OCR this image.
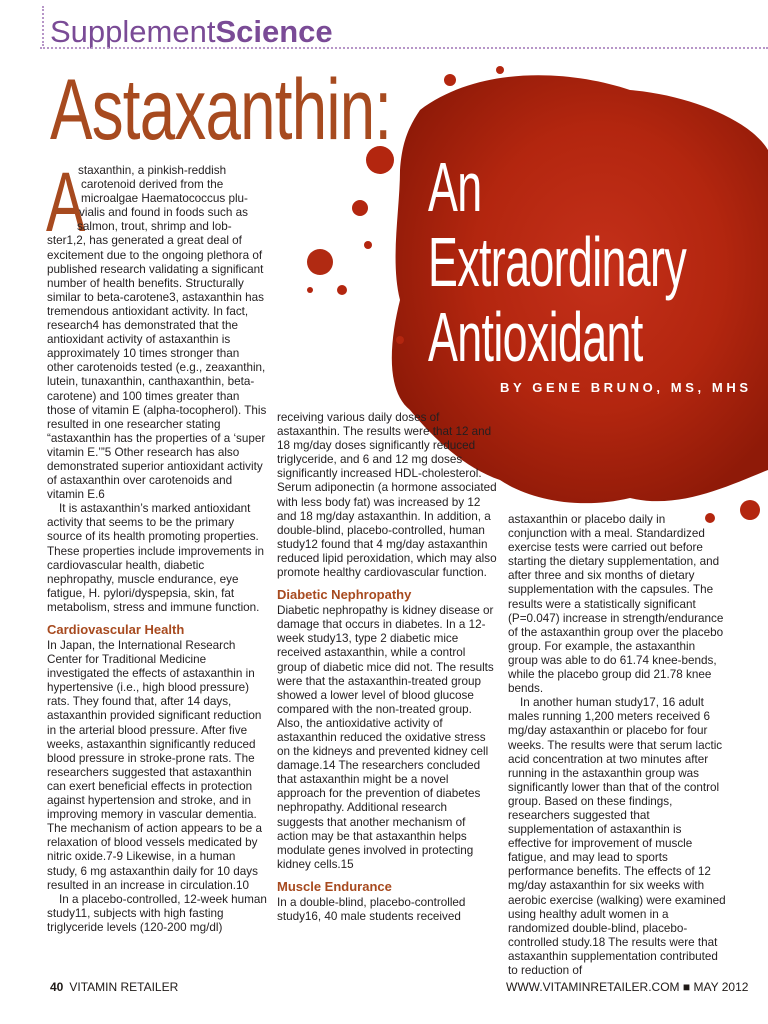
SupplementScience
Astaxanthin:
An
Extraordinary
Antioxidant
BY GENE BRUNO, MS, MHS
A
staxanthin, a pinkish-reddish
carotenoid derived from the
microalgae Haematococcus plu-
vialis and found in foods such as
salmon, trout, shrimp and lob-

ster1,2, has generated a great deal of excitement due to the ongoing plethora of published research validating a significant number of health benefits. Structurally similar to beta-carotene3, astaxanthin has tremendous antioxidant activity. In fact, research4 has demonstrated that the antioxidant activity of astaxanthin is approximately 10 times stronger than other carotenoids tested (e.g., zeaxanthin, lutein, tunaxanthin, canthaxanthin, beta-carotene) and 100 times greater than those of vitamin E (alpha-tocopherol). This resulted in one researcher stating “astaxanthin has the properties of a ‘super vitamin E.’”5 Other research has also demonstrated superior antioxidant activity of astaxanthin over carotenoids and vitamin E.6

It is astaxanthin’s marked antioxidant activity that seems to be the primary source of its health promoting properties. These properties include improvements in cardiovascular health, diabetic nephropathy, muscle endurance, eye fatigue, H. pylori/dyspepsia, skin, fat metabolism, stress and immune function.

Cardiovascular Health

In Japan, the International Research Center for Traditional Medicine investigated the effects of astaxanthin in hypertensive (i.e., high blood pressure) rats. They found that, after 14 days, astaxanthin provided significant reduction in the arterial blood pressure. After five weeks, astaxanthin significantly reduced blood pressure in stroke-prone rats. The researchers suggested that astaxanthin can exert beneficial effects in protection against hypertension and stroke, and in improving memory in vascular dementia. The mechanism of action appears to be a relaxation of blood vessels medicated by nitric oxide.7-9 Likewise, in a human study, 6 mg astaxanthin daily for 10 days resulted in an increase in circulation.10

In a placebo-controlled, 12-week human study11, subjects with high fasting triglyceride levels (120-200 mg/dl)

receiving various daily doses of astaxanthin. The results were that 12 and 18 mg/day doses significantly reduced triglyceride, and 6 and 12 mg doses significantly increased HDL-cholesterol. Serum adiponectin (a hormone associated with less body fat) was increased by 12 and 18 mg/day astaxanthin. In addition, a double-blind, placebo-controlled, human study12 found that 4 mg/day astaxanthin reduced lipid peroxidation, which may also promote healthy cardiovascular function.

Diabetic Nephropathy

Diabetic nephropathy is kidney disease or damage that occurs in diabetes. In a 12-week study13, type 2 diabetic mice received astaxanthin, while a control group of diabetic mice did not. The results were that the astaxanthin-treated group showed a lower level of blood glucose compared with the non-treated group. Also, the antioxidative activity of astaxanthin reduced the oxidative stress on the kidneys and prevented kidney cell damage.14 The researchers concluded that astaxanthin might be a novel approach for the prevention of diabetes nephropathy. Additional research suggests that another mechanism of action may be that astaxanthin helps modulate genes involved in protecting kidney cells.15

Muscle Endurance

In a double-blind, placebo-controlled study16, 40 male students received

astaxanthin or placebo daily in conjunction with a meal. Standardized exercise tests were carried out before starting the dietary supplementation, and after three and six months of dietary supplementation with the capsules. The results were a statistically significant (P=0.047) increase in strength/endurance of the astaxanthin group over the placebo group. For example, the astaxanthin group was able to do 61.74 knee-bends, while the placebo group did 21.78 knee bends.

In another human study17, 16 adult males running 1,200 meters received 6 mg/day astaxanthin or placebo for four weeks. The results were that serum lactic acid concentration at two minutes after running in the astaxanthin group was significantly lower than that of the control group. Based on these findings, researchers suggested that supplementation of astaxanthin is effective for improvement of muscle fatigue, and may lead to sports performance benefits. The effects of 12 mg/day astaxanthin for six weeks with aerobic exercise (walking) were examined using healthy adult women in a randomized double-blind, placebo-controlled study.18 The results were that astaxanthin supplementation contributed to reduction of

40 VITAMIN RETAILER	WWW.VITAMINRETAILER.COM ■ MAY 2012
